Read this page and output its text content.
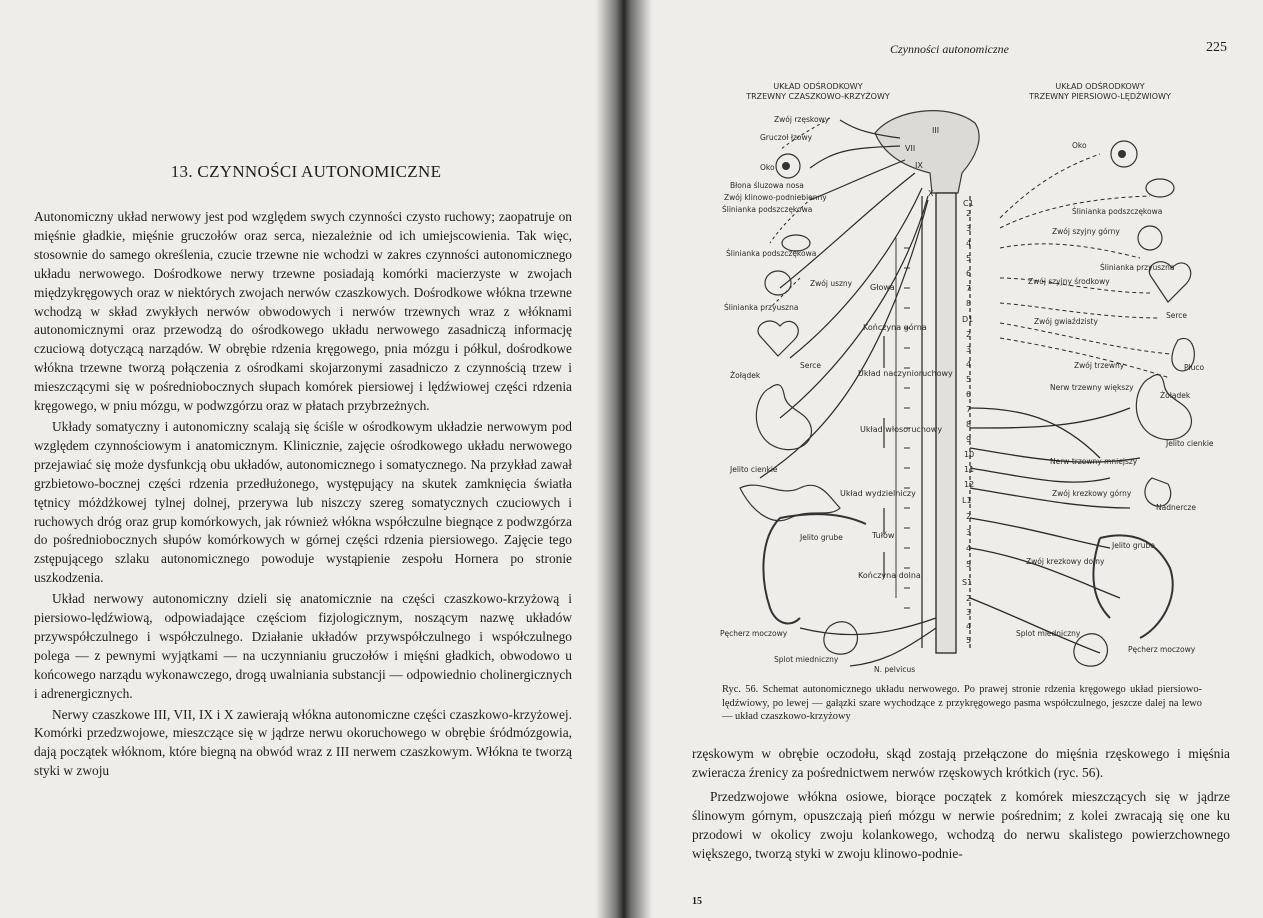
13. CZYNNOŚCI AUTONOMICZNE

Autonomiczny układ nerwowy jest pod względem swych czynności czysto ruchowy; zaopatruje on mięśnie gładkie, mięśnie gruczołów oraz serca, niezależnie od ich umiejscowienia. Tak więc, stosownie do samego określenia, czucie trzewne nie wchodzi w zakres czynności autonomicznego układu nerwowego. Dośrodkowe nerwy trzewne posiadają komórki macierzyste w zwojach międzykręgowych oraz w niektórych zwojach nerwów czaszkowych. Dośrodkowe włókna trzewne wchodzą w skład zwykłych nerwów obwodowych i nerwów trzewnych wraz z włóknami autonomicznymi oraz przewodzą do ośrodkowego układu nerwowego zasadniczą informację czuciową dotyczącą narządów. W obrębie rdzenia kręgowego, pnia mózgu i półkul, dośrodkowe włókna trzewne tworzą połączenia z ośrodkami skojarzonymi zasadniczo z czynnością trzew i mieszczącymi się w pośredniobocznych słupach komórek piersiowej i lędźwiowej części rdzenia kręgowego, w pniu mózgu, w podwzgórzu oraz w płatach przybrzeżnych.

Układy somatyczny i autonomiczny scalają się ściśle w ośrodkowym układzie nerwowym pod względem czynnościowym i anatomicznym. Klinicznie, zajęcie ośrodkowego układu nerwowego przejawiać się może dysfunkcją obu układów, autonomicznego i somatycznego. Na przykład zawał grzbietowo-bocznej części rdzenia przedłużonego, występujący na skutek zamknięcia światła tętnicy móżdżkowej tylnej dolnej, przerywa lub niszczy szereg somatycznych czuciowych i ruchowych dróg oraz grup komórkowych, jak również włókna współczulne biegnące z podwzgórza do pośredniobocznych słupów komórkowych w górnej części rdzenia piersiowego. Zajęcie tego zstępującego szlaku autonomicznego powoduje wystąpienie zespołu Hornera po stronie uszkodzenia.

Układ nerwowy autonomiczny dzieli się anatomicznie na części czaszkowo-krzyżową i piersiowo-lędźwiową, odpowiadające częściom fizjologicznym, noszącym nazwę układów przywspółczulnego i współczulnego. Działanie układów przywspółczulnego i współczulnego polega — z pewnymi wyjątkami — na uczynnianiu gruczołów i mięśni gładkich, obwodowo u końcowego narządu wykonawczego, drogą uwalniania substancji — odpowiednio cholinergicznych i adrenergicznych.

Nerwy czaszkowe III, VII, IX i X zawierają włókna autonomiczne części czaszkowo-krzyżowej. Komórki przedzwojowe, mieszczące się w jądrze nerwu okoruchowego w obrębie śródmózgowia, dają początek włóknom, które biegną na obwód wraz z III nerwem czaszkowym. Włókna te tworzą styki w zwoju

Czynności autonomiczne	225
UKŁAD ODŚRODKOWY
TRZEWNY CZASZKOWO-KRZYŻOWY
UKŁAD ODŚRODKOWY
TRZEWNY PIERSIOWO-LĘDŹWIOWY
III
VII
IX
X
C1
2
3
4
5
6
7
8
D1
2
3
4
5
6
7
8
9
10
11
12
L1
2
3
4
5
S1
2
3
4
5
Głowa
Kończyna górna
Układ naczynioruchowy
Układ włosoruchowy
Układ wydzielniczy
Tułów
Kończyna dolna
Zwój rzęskowy
Gruczoł łzowy
Oko
Błona śluzowa nosa
Zwój klinowo-podniebienny
Ślinianka podszczękowa
Ślinianka podszczękowa
Zwój uszny
Ślinianka przyuszna
Serce
Żołądek
Jelito cienkie
Jelito grube
Pęcherz moczowy
Splot miedniczny
N. pelvicus
Oko
Ślinianka podszczękowa
Zwój szyjny górny
Ślinianka przyuszna
Zwój szyjny środkowy
Zwój gwiaździsty
Serce
Zwój trzewny	Płuco
Nerw trzewny większy
Żołądek
Jelito cienkie
Nerw trzewny mniejszy
Zwój krezkowy górny
Nadnercze
Jelito grube
Zwój krezkowy dolny
Splot miedniczny
Pęcherz moczowy

Ryc. 56. Schemat autonomicznego układu nerwowego. Po prawej stronie rdzenia kręgowego układ piersiowo-lędźwiowy, po lewej — gałązki szare wychodzące z przykręgowego pasma współczulnego, jeszcze dalej na lewo — układ czaszkowo-krzyżowy

rzęskowym w obrębie oczodołu, skąd zostają przełączone do mięśnia rzęskowego i mięśnia zwieracza źrenicy za pośrednictwem nerwów rzęskowych krótkich (ryc. 56).

Przedzwojowe włókna osiowe, biorące początek z komórek mieszczących się w jądrze ślinowym górnym, opuszczają pień mózgu w nerwie pośrednim; z kolei zwracają się one ku przodowi w okolicy zwoju kolankowego, wchodzą do nerwu skalistego powierzchownego większego, tworzą styki w zwoju klinowo-podnie-

15
